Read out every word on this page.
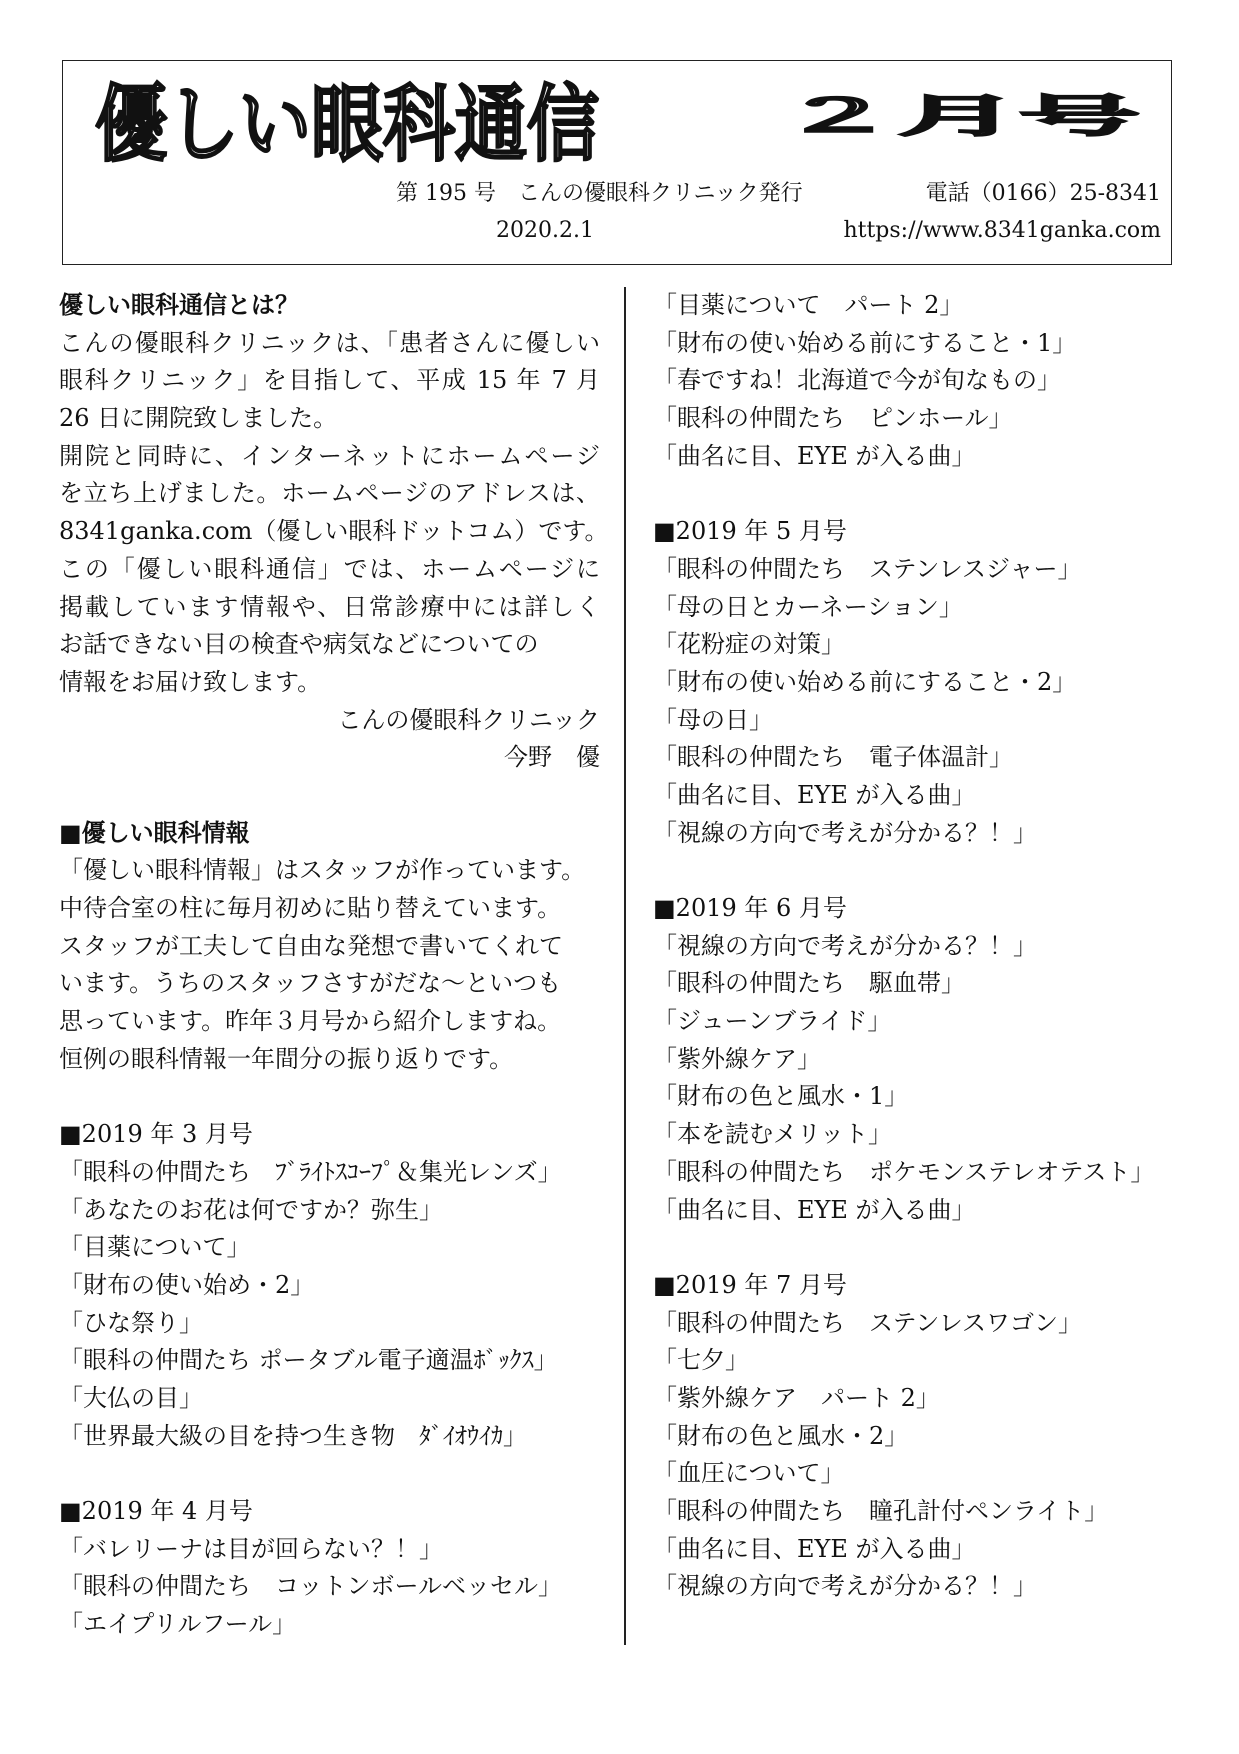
優しい眼科通信	２月号
第 195 号　こんの優眼科クリニック発行	電話（0166）25-8341
2020.2.1	https://www.8341ganka.com
優しい眼科通信とは？
こんの優眼科クリニックは、「患者さんに優しい
眼科クリニック」を目指して、平成 15 年 7 月
26 日に開院致しました。
開院と同時に、インターネットにホームページ
を立ち上げました。ホームページのアドレスは、
8341ganka.com（優しい眼科ドットコム）です。
この「優しい眼科通信」では、ホームページに
掲載しています情報や、日常診療中には詳しく
お話できない目の検査や病気などについての
情報をお届け致します。
こんの優眼科クリニック
今野　優
■優しい眼科情報
「優しい眼科情報」はスタッフが作っています。
中待合室の柱に毎月初めに貼り替えています。
スタッフが工夫して自由な発想で書いてくれて
います。うちのスタッフさすがだな～といつも
思っています。昨年３月号から紹介しますね。
恒例の眼科情報一年間分の振り返りです。
■2019 年 3 月号
「眼科の仲間たち　ﾌﾞﾗｲﾄｽｺｰﾌﾟ＆集光レンズ」
「あなたのお花は何ですか？弥生」
「目薬について」
「財布の使い始め・2」
「ひな祭り」
「眼科の仲間たち ポータブル電子適温ﾎﾞｯｸｽ」
「大仏の目」
「世界最大級の目を持つ生き物　ﾀﾞｲｵｳｲｶ」
■2019 年 4 月号
「バレリーナは目が回らない？！」
「眼科の仲間たち　コットンボールベッセル」
「エイプリルフール」
「目薬について　パート 2」
「財布の使い始める前にすること・1」
「春ですね！北海道で今が旬なもの」
「眼科の仲間たち　ピンホール」
「曲名に目、EYE が入る曲」
■2019 年 5 月号
「眼科の仲間たち　ステンレスジャー」
「母の日とカーネーション」
「花粉症の対策」
「財布の使い始める前にすること・2」
「母の日」
「眼科の仲間たち　電子体温計」
「曲名に目、EYE が入る曲」
「視線の方向で考えが分かる？！」
■2019 年 6 月号
「視線の方向で考えが分かる？！」
「眼科の仲間たち　駆血帯」
「ジューンブライド」
「紫外線ケア」
「財布の色と風水・1」
「本を読むメリット」
「眼科の仲間たち　ポケモンステレオテスト」
「曲名に目、EYE が入る曲」
■2019 年 7 月号
「眼科の仲間たち　ステンレスワゴン」
「七夕」
「紫外線ケア　パート 2」
「財布の色と風水・2」
「血圧について」
「眼科の仲間たち　瞳孔計付ペンライト」
「曲名に目、EYE が入る曲」
「視線の方向で考えが分かる？！」
